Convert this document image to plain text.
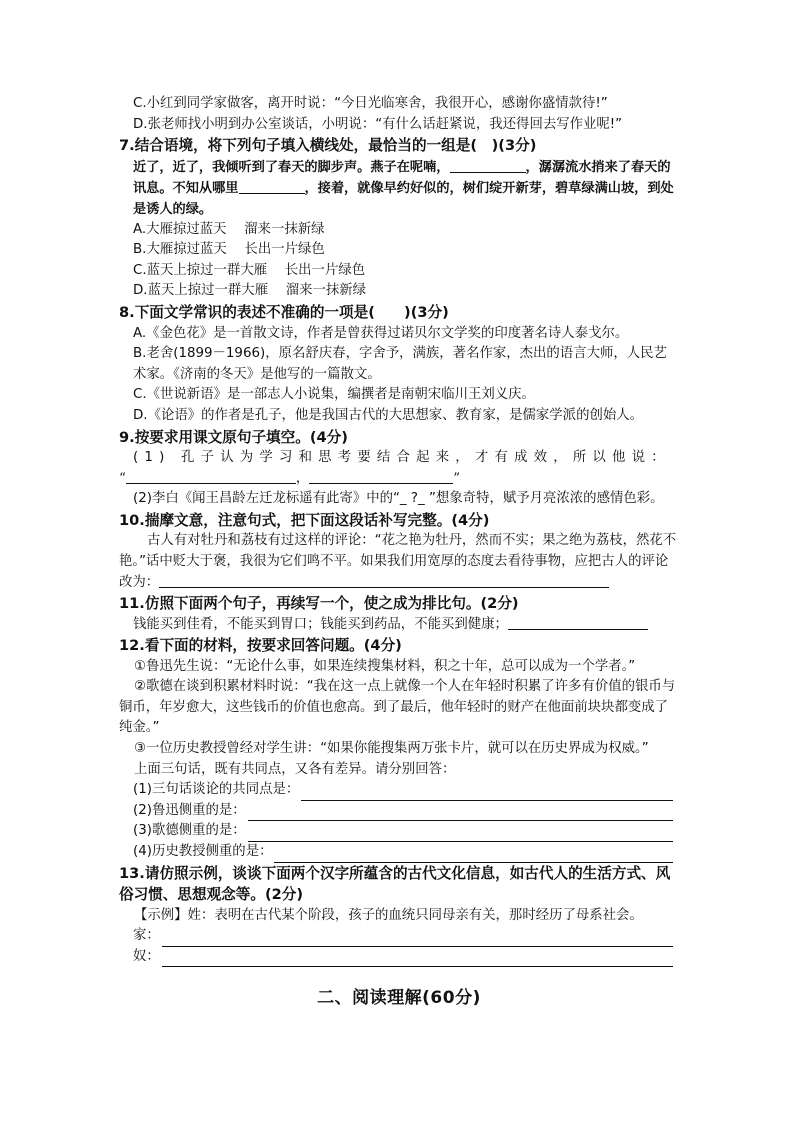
C.小红到同学家做客，离开时说：“今日光临寒舍，我很开心，感谢你盛情款待!”
D.张老师找小明到办公室谈话，小明说：“有什么话赶紧说，我还得回去写作业呢!”
7.结合语境，将下列句子填入横线处，最恰当的一组是(　)(3分)
近了，近了，我倾听到了春天的脚步声。燕子在呢喃，	，潺潺流水捎来了春天的讯息。不知从哪里	，接着，就像早约好似的，树们绽开新芽，碧草绿满山坡，到处是诱人的绿。
A.大雁掠过蓝天　 溜来一抹新绿
B.大雁掠过蓝天　 长出一片绿色
C.蓝天上掠过一群大雁　 长出一片绿色
D.蓝天上掠过一群大雁　 溜来一抹新绿
8.下面文学常识的表述不准确的一项是(　　)(3分)
A.《金色花》是一首散文诗，作者是曾获得过诺贝尔文学奖的印度著名诗人泰戈尔。
B.老舍(1899－1966)，原名舒庆春，字舍予，满族，著名作家，杰出的语言大师，人民艺术家。《济南的冬天》是他写的一篇散文。
C.《世说新语》是一部志人小说集，编撰者是南朝宋临川王刘义庆。
D.《论语》的作者是孔子，他是我国古代的大思想家、教育家，是儒家学派的创始人。
9.按要求用课文原句子填空。(4分)
(1) 孔子认为学习和思考要结合起来，才有成效，所以他说：
“	，	”
(2)李白《闻王昌龄左迁龙标遥有此寄》中的“_ ?_ ”想象奇特，赋予月亮浓浓的感情色彩。
10.揣摩文意，注意句式，把下面这段话补写完整。(4分)
古人有对牡丹和荔枝有过这样的评论：“花之艳为牡丹，然而不实；果之绝为荔枝，然花不艳。”话中贬大于褒，我很为它们鸣不平。如果我们用宽厚的态度去看待事物，应把古人的评论改为：
11.仿照下面两个句子，再续写一个，使之成为排比句。(2分)
钱能买到佳肴，不能买到胃口；钱能买到药品，不能买到健康；
12.看下面的材料，按要求回答问题。(4分)
①鲁迅先生说：“无论什么事，如果连续搜集材料，积之十年，总可以成为一个学者。”
②歌德在谈到积累材料时说：“我在这一点上就像一个人在年轻时积累了许多有价值的银币与铜币，年岁愈大，这些钱币的价值也愈高。到了最后，他年轻时的财产在他面前块块都变成了纯金。”
③一位历史教授曾经对学生讲：“如果你能搜集两万张卡片，就可以在历史界成为权威。”
上面三句话，既有共同点，又各有差异。请分别回答：
(1)三句话谈论的共同点是：
(2)鲁迅侧重的是：
(3)歌德侧重的是：
(4)历史教授侧重的是：
13.请仿照示例，谈谈下面两个汉字所蕴含的古代文化信息，如古代人的生活方式、风俗习惯、思想观念等。(2分)
【示例】姓：表明在古代某个阶段，孩子的血统只同母亲有关，那时经历了母系社会。
家：
奴：
二、阅读理解(60分)
